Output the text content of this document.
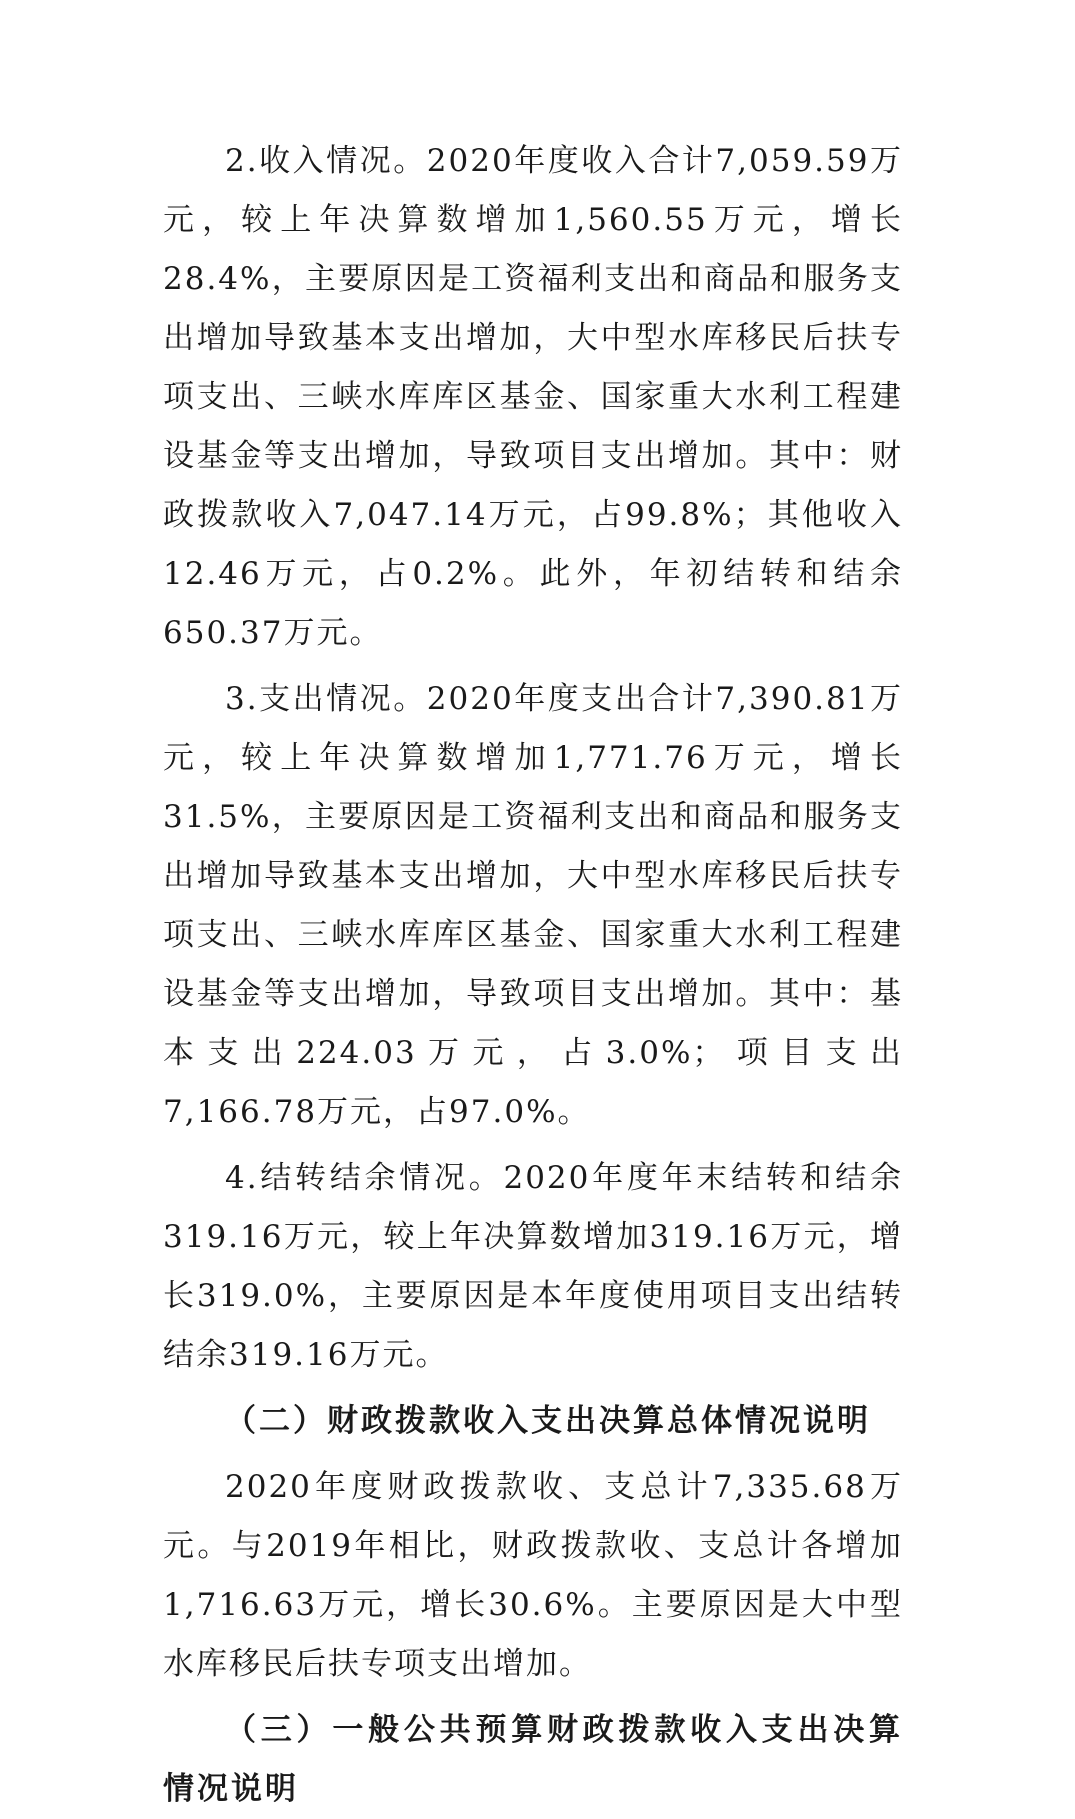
2.收入情况。2020年度收入合计7,059.59万元，较上年决算数增加1,560.55万元，增长28.4%，主要原因是工资福利支出和商品和服务支出增加导致基本支出增加，大中型水库移民后扶专项支出、三峡水库库区基金、国家重大水利工程建设基金等支出增加，导致项目支出增加。其中：财政拨款收入7,047.14万元，占99.8%；其他收入12.46万元，占0.2%。此外，年初结转和结余650.37万元。

3.支出情况。2020年度支出合计7,390.81万元，较上年决算数增加1,771.76万元，增长31.5%，主要原因是工资福利支出和商品和服务支出增加导致基本支出增加，大中型水库移民后扶专项支出、三峡水库库区基金、国家重大水利工程建设基金等支出增加，导致项目支出增加。其中：基本支出224.03万元，占3.0%；项目支出7,166.78万元，占97.0%。

4.结转结余情况。2020年度年末结转和结余319.16万元，较上年决算数增加319.16万元，增长319.0%，主要原因是本年度使用项目支出结转结余319.16万元。

（二）财政拨款收入支出决算总体情况说明

2020年度财政拨款收、支总计7,335.68万元。与2019年相比，财政拨款收、支总计各增加1,716.63万元，增长30.6%。主要原因是大中型水库移民后扶专项支出增加。

（三）一般公共预算财政拨款收入支出决算情况说明
